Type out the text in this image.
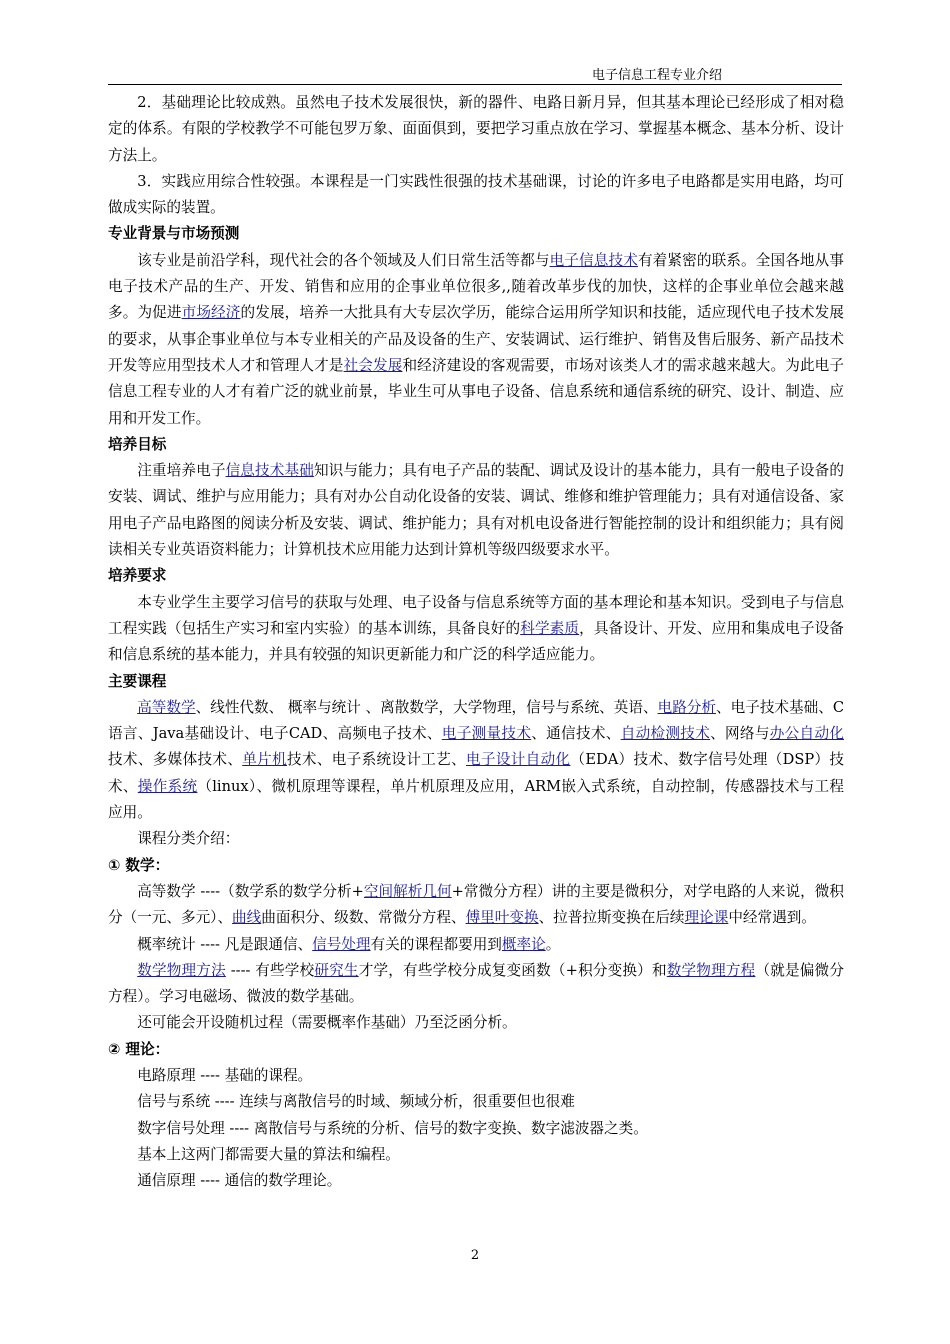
电子信息工程专业介绍

2．基础理论比较成熟。虽然电子技术发展很快，新的器件、电路日新月异，但其基本理论已经形成了相对稳定的体系。有限的学校教学不可能包罗万象、面面俱到，要把学习重点放在学习、掌握基本概念、基本分析、设计方法上。

3．实践应用综合性较强。本课程是一门实践性很强的技术基础课，讨论的许多电子电路都是实用电路，均可做成实际的装置。

专业背景与市场预测

该专业是前沿学科，现代社会的各个领域及人们日常生活等都与电子信息技术有着紧密的联系。全国各地从事电子技术产品的生产、开发、销售和应用的企事业单位很多,,随着改革步伐的加快，这样的企事业单位会越来越多。为促进市场经济的发展，培养一大批具有大专层次学历，能综合运用所学知识和技能，适应现代电子技术发展的要求，从事企事业单位与本专业相关的产品及设备的生产、安装调试、运行维护、销售及售后服务、新产品技术开发等应用型技术人才和管理人才是社会发展和经济建设的客观需要，市场对该类人才的需求越来越大。为此电子信息工程专业的人才有着广泛的就业前景，毕业生可从事电子设备、信息系统和通信系统的研究、设计、制造、应用和开发工作。

培养目标

注重培养电子信息技术基础知识与能力；具有电子产品的装配、调试及设计的基本能力，具有一般电子设备的安装、调试、维护与应用能力；具有对办公自动化设备的安装、调试、维修和维护管理能力；具有对通信设备、家用电子产品电路图的阅读分析及安装、调试、维护能力；具有对机电设备进行智能控制的设计和组织能力；具有阅读相关专业英语资料能力；计算机技术应用能力达到计算机等级四级要求水平。

培养要求

本专业学生主要学习信号的获取与处理、电子设备与信息系统等方面的基本理论和基本知识。受到电子与信息工程实践（包括生产实习和室内实验）的基本训练，具备良好的科学素质，具备设计、开发、应用和集成电子设备和信息系统的基本能力，并具有较强的知识更新能力和广泛的科学适应能力。

主要课程

高等数学、线性代数、 概率与统计 、离散数学，大学物理，信号与系统、英语、电路分析、电子技术基础、C语言、Java基础设计、电子CAD、高频电子技术、电子测量技术、通信技术、自动检测技术、网络与办公自动化技术、多媒体技术、单片机技术、电子系统设计工艺、电子设计自动化（EDA）技术、数字信号处理（DSP）技术、操作系统（linux）、微机原理等课程，单片机原理及应用，ARM嵌入式系统，自动控制，传感器技术与工程应用。

课程分类介绍：

① 数学：

高等数学 ----（数学系的数学分析+空间解析几何+常微分方程）讲的主要是微积分，对学电路的人来说，微积分（一元、多元）、曲线曲面积分、级数、常微分方程、傅里叶变换、拉普拉斯变换在后续理论课中经常遇到。

概率统计 ---- 凡是跟通信、信号处理有关的课程都要用到概率论。

数学物理方法 ---- 有些学校研究生才学，有些学校分成复变函数（+积分变换）和数学物理方程（就是偏微分方程）。学习电磁场、微波的数学基础。

还可能会开设随机过程（需要概率作基础）乃至泛函分析。

② 理论：

电路原理 ---- 基础的课程。

信号与系统 ---- 连续与离散信号的时域、频域分析，很重要但也很难

数字信号处理 ---- 离散信号与系统的分析、信号的数字变换、数字滤波器之类。

基本上这两门都需要大量的算法和编程。

通信原理 ---- 通信的数学理论。

2
